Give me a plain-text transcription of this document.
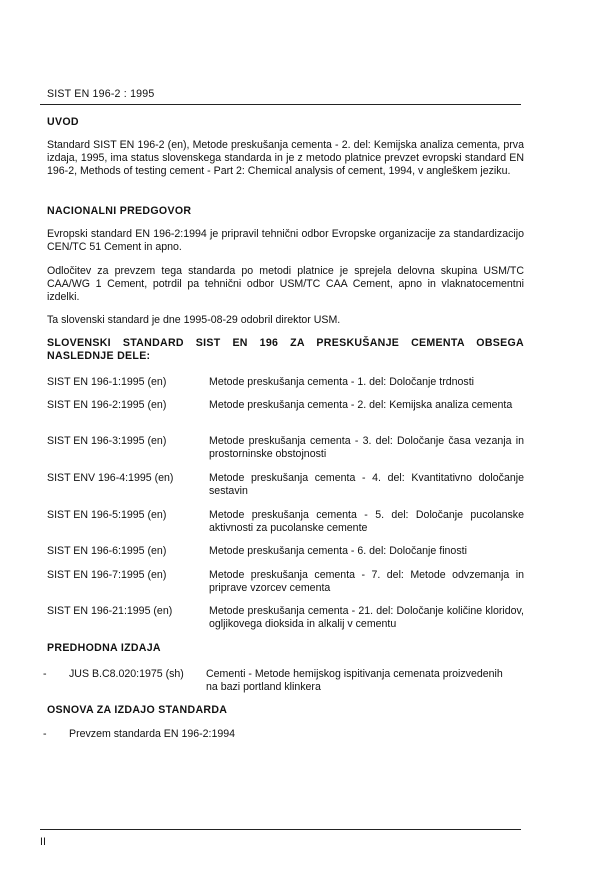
SIST EN 196-2 : 1995
UVOD
Standard SIST EN 196-2 (en), Metode preskušanja cementa - 2. del: Kemijska analiza cementa, prva izdaja, 1995, ima status slovenskega standarda in je z metodo platnice prevzet evropski standard EN 196-2, Methods of testing cement - Part 2: Chemical analysis of cement, 1994, v angleškem jeziku.
NACIONALNI PREDGOVOR
Evropski standard EN 196-2:1994 je pripravil tehnični odbor Evropske organizacije za standardizacijo CEN/TC 51 Cement in apno.
Odločitev za prevzem tega standarda po metodi platnice je sprejela delovna skupina USM/TC CAA/WG 1 Cement, potrdil pa tehnični odbor USM/TC CAA Cement, apno in vlaknatocementni izdelki.
Ta slovenski standard je dne 1995-08-29 odobril direktor USM.
SLOVENSKI STANDARD SIST EN 196 ZA PRESKUŠANJE CEMENTA OBSEGA
NASLEDNJE DELE:
SIST EN 196-1:1995 (en)	Metode preskušanja cementa - 1. del: Določanje trdnosti
SIST EN 196-2:1995 (en)	Metode preskušanja cementa - 2. del: Kemijska analiza cementa
SIST EN 196-3:1995 (en)	Metode preskušanja cementa - 3. del: Določanje časa vezanja in prostorninske obstojnosti
SIST ENV 196-4:1995 (en)	Metode preskušanja cementa - 4. del: Kvantitativno določanje sestavin
SIST EN 196-5:1995 (en)	Metode preskušanja cementa - 5. del: Določanje pucolanske aktivnosti za pucolanske cemente
SIST EN 196-6:1995 (en)	Metode preskušanja cementa - 6. del: Določanje finosti
SIST EN 196-7:1995 (en)	Metode preskušanja cementa - 7. del: Metode odvzemanja in priprave vzorcev cementa
SIST EN 196-21:1995 (en)	Metode preskušanja cementa - 21. del: Določanje količine kloridov, ogljikovega dioksida in alkalij v cementu
PREDHODNA IZDAJA
- JUS B.C8.020:1975 (sh) Cementi - Metode hemijskog ispitivanja cemenata proizvedenih na bazi portland klinkera
OSNOVA ZA IZDAJO STANDARDA
- Prevzem standarda EN 196-2:1994
II
